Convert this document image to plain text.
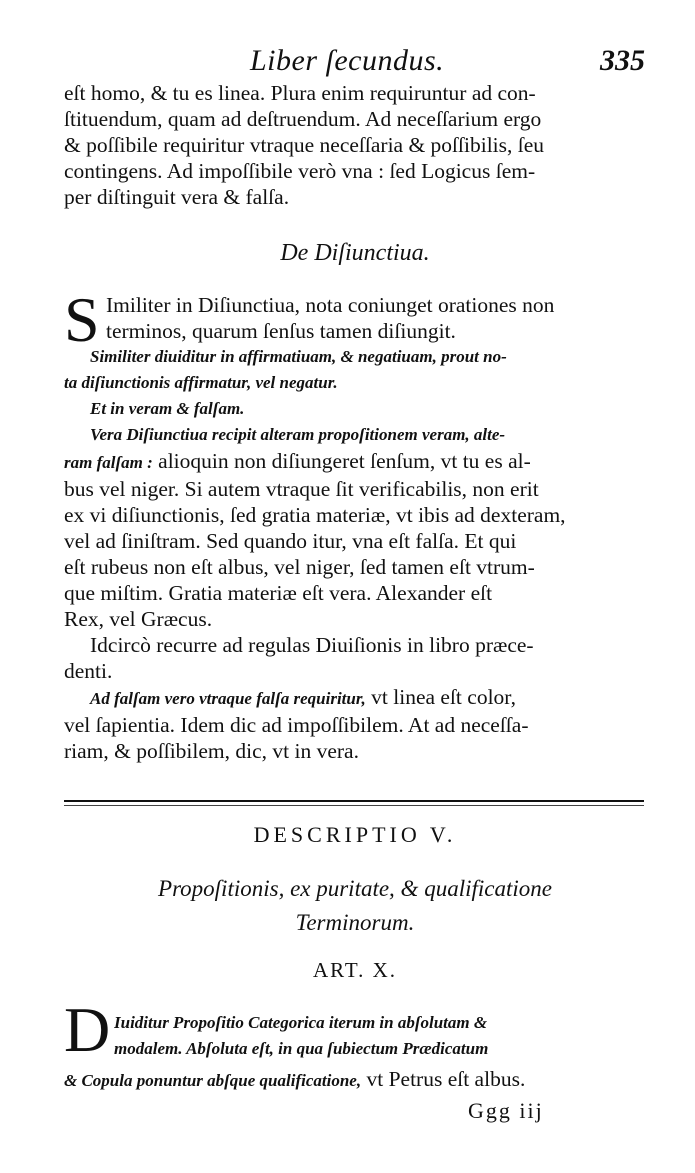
Liber ſecundus.	335
eſt homo, & tu es linea. Plura enim requiruntur ad con-
ſtituendum, quam ad deſtruendum. Ad neceſſarium ergo
& poſſibile requiritur vtraque neceſſaria & poſſibilis, ſeu
contingens. Ad impoſſibile verò vna : ſed Logicus ſem-
per diſtinguit vera & falſa.
De Diſiunctiua.
S Imiliter in Diſiunctiua, nota coniunget orationes non
terminos, quarum ſenſus tamen diſiungit.
Similiter diuiditur in affirmatiuam, & negatiuam, prout no-
ta diſiunctionis affirmatur, vel negatur.
Et in veram & falſam.
Vera Diſiunctiua recipit alteram propoſitionem veram, alte-
ram falſam : alioquin non diſiungeret ſenſum, vt tu es al-
bus vel niger. Si autem vtraque ſit verificabilis, non erit
ex vi diſiunctionis, ſed gratia materiæ, vt ibis ad dexteram,
vel ad ſiniſtram. Sed quando itur, vna eſt falſa. Et qui
eſt rubeus non eſt albus, vel niger, ſed tamen eſt vtrum-
que miſtim. Gratia materiæ eſt vera. Alexander eſt
Rex, vel Græcus.
Idcircò recurre ad regulas Diuiſionis in libro præce-
denti.
Ad falſam vero vtraque falſa requiritur, vt linea eſt color,
vel ſapientia. Idem dic ad impoſſibilem. At ad neceſſa-
riam, & poſſibilem, dic, vt in vera.
DESCRIPTIO V.
Propoſitionis, ex puritate, & qualificatione
Terminorum.
ART. X.
D Iuiditur Propoſitio Categorica iterum in abſolutam &
modalem. Abſoluta eſt, in qua ſubiectum Prædicatum
& Copula ponuntur abſque qualificatione, vt Petrus eſt albus.
Ggg iij
